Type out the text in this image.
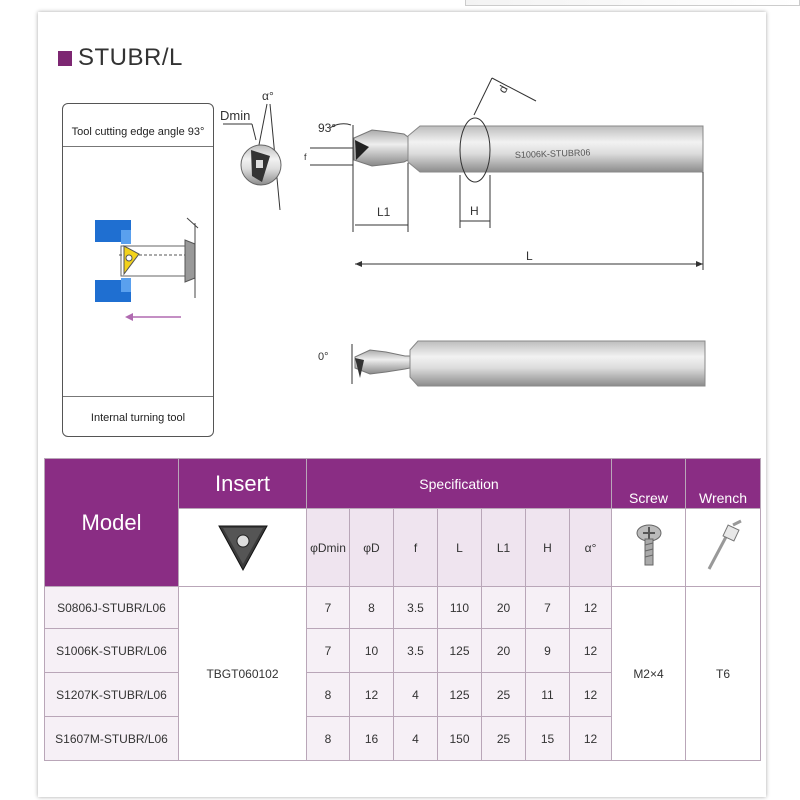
STUBR/L
Tool cutting edge angle 93°
Internal turning tool
Dmin
α°
93°
f	S1006K-STUBR06
d
L1	H
L
0°
Model	Insert	Specification							Screw	Wrench
	φDmin	φD	f	L	L1	H	α°		
S0806J-STUBR/L06	TBGT060102	7	8	3.5	110	20	7	12	M2×4	T6
S1006K-STUBR/L06		7	10	3.5	125	20	9	12		
S1207K-STUBR/L06		8	12	4	125	25	11	12		
S1607M-STUBR/L06		8	16	4	150	25	15	12		
